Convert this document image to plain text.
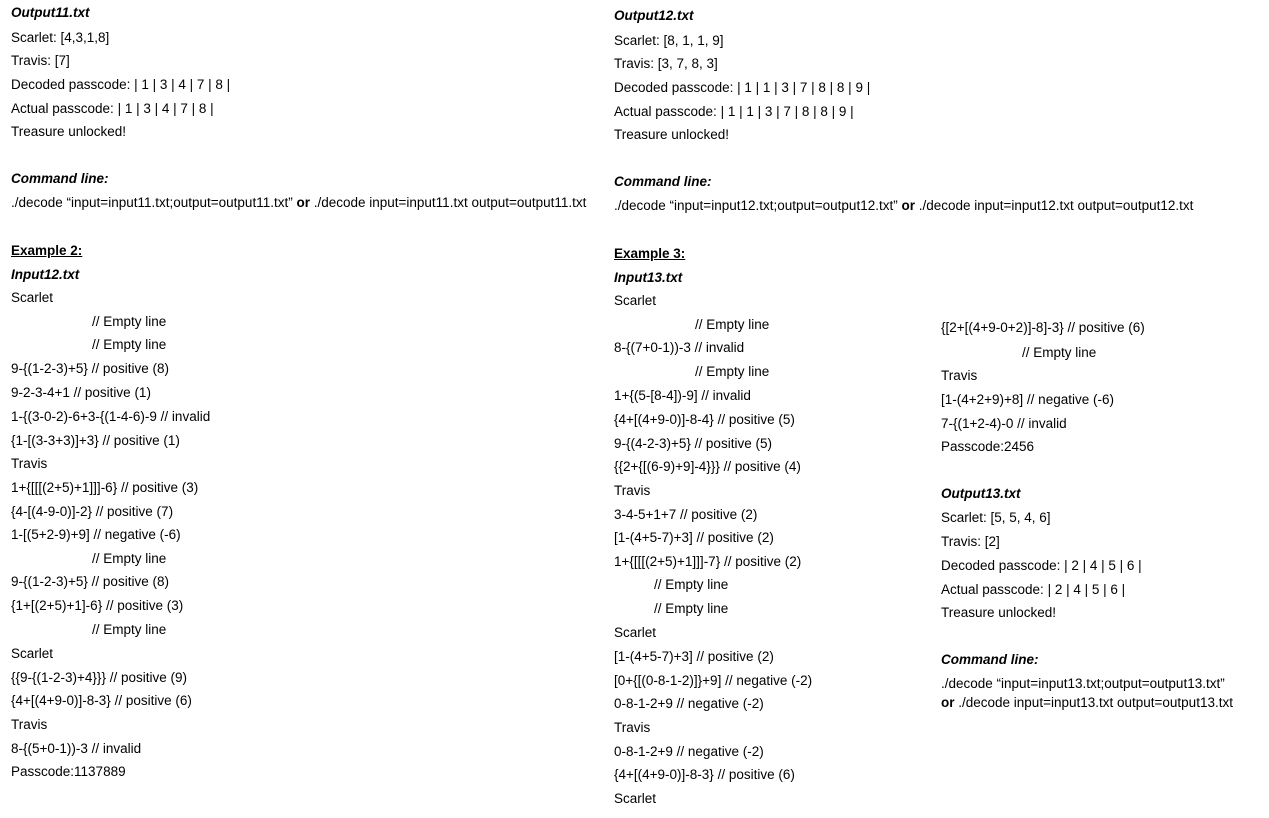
Output11.txt
Scarlet: [4,3,1,8]
Travis: [7]
Decoded passcode: | 1 | 3 | 4 | 7 | 8 |
Actual passcode: | 1 | 3 | 4 | 7 | 8 |
Treasure unlocked!
Command line:
./decode “input=input11.txt;output=output11.txt” or ./decode input=input11.txt output=output11.txt
Example 2:
Input12.txt
Scarlet
// Empty line
// Empty line
9-{(1-2-3)+5} // positive (8)
9-2-3-4+1 // positive (1)
1-{(3-0-2)-6+3-{(1-4-6)-9 // invalid
{1-[(3-3+3)]+3} // positive (1)
Travis
1+{[[[(2+5)+1]]]-6} // positive (3)
{4-[(4-9-0)]-2} // positive (7)
1-[(5+2-9)+9] // negative (-6)
// Empty line
9-{(1-2-3)+5} // positive (8)
{1+[(2+5)+1]-6} // positive (3)
// Empty line
Scarlet
{{9-{(1-2-3)+4}}} // positive (9)
{4+[(4+9-0)]-8-3} // positive (6)
Travis
8-{(5+0-1))-3 // invalid
Passcode:1137889
Output12.txt
Scarlet: [8, 1, 1, 9]
Travis: [3, 7, 8, 3]
Decoded passcode: | 1 | 1 | 3 | 7 | 8 | 8 | 9 |
Actual passcode: | 1 | 1 | 3 | 7 | 8 | 8 | 9 |
Treasure unlocked!
Command line:
./decode “input=input12.txt;output=output12.txt” or ./decode input=input12.txt output=output12.txt
Example 3:
Input13.txt
Scarlet
// Empty line
8-{(7+0-1))-3 // invalid
// Empty line
1+{(5-[8-4])-9] // invalid
{4+[(4+9-0)]-8-4} // positive (5)
9-{(4-2-3)+5} // positive (5)
{{2+{[(6-9)+9]-4}}} // positive (4)
Travis
3-4-5+1+7 // positive (2)
[1-(4+5-7)+3] // positive (2)
1+{[[[(2+5)+1]]]-7} // positive (2)
// Empty line
// Empty line
Scarlet
[1-(4+5-7)+3] // positive (2)
[0+{[(0-8-1-2)]}+9] // negative (-2)
0-8-1-2+9 // negative (-2)
Travis
0-8-1-2+9 // negative (-2)
{4+[(4+9-0)]-8-3} // positive (6)
Scarlet
{[2+[(4+9-0+2)]-8]-3} // positive (6)
// Empty line
Travis
[1-(4+2+9)+8] // negative (-6)
7-{(1+2-4)-0 // invalid
Passcode:2456
Output13.txt
Scarlet: [5, 5, 4, 6]
Travis: [2]
Decoded passcode: | 2 | 4 | 5 | 6 |
Actual passcode: | 2 | 4 | 5 | 6 |
Treasure unlocked!
Command line:
./decode “input=input13.txt;output=output13.txt”
or ./decode input=input13.txt output=output13.txt
